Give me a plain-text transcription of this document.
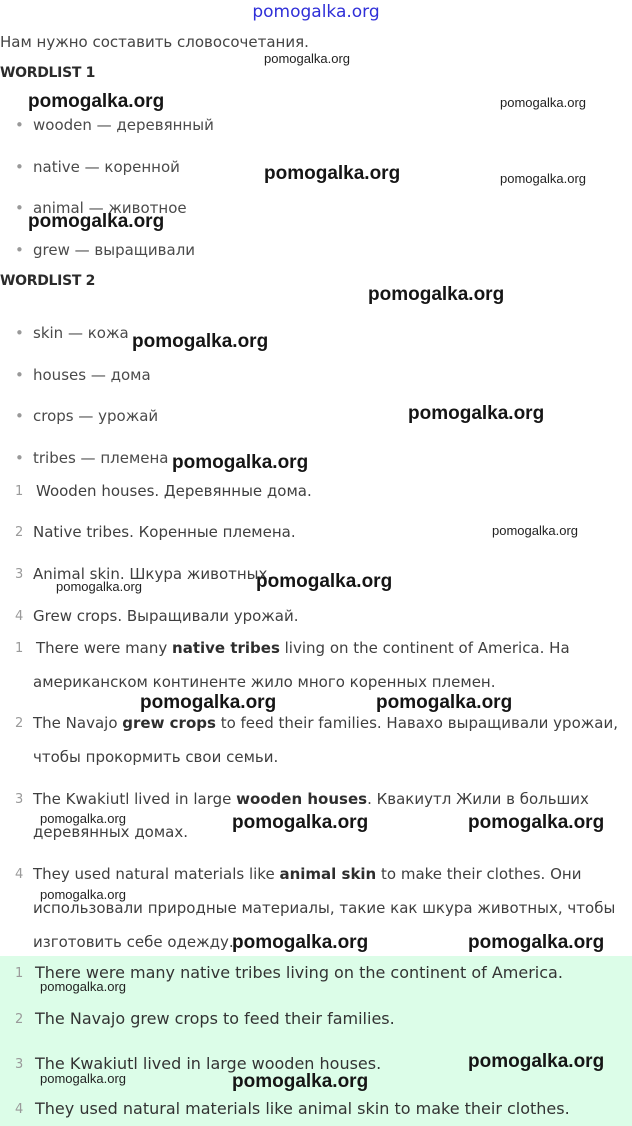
pomogalka.org
Нам нужно составить словосочетания.
WORDLIST 1
• wooden — деревянный
• native — коренной
• animal — животное
• grew — выращивали
WORDLIST 2
• skin — кожа
• houses — дома
• crops — урожай
• tribes — племена
1 Wooden houses. Деревянные дома.
2 Native tribes. Коренные племена.
3 Animal skin. Шкура животных.
4 Grew crops. Выращивали урожай.
1 There were many native tribes living on the continent of America. На
американском континенте жило много коренных племен.
2 The Navajo grew crops to feed their families. Навахо выращивали урожаи,
чтобы прокормить свои семьи.
3 The Kwakiutl lived in large wooden houses. Квакиутл Жили в больших
деревянных домах.
4 They used natural materials like animal skin to make their clothes. Они
использовали природные материалы, такие как шкура животных, чтобы
изготовить себе одежду.
1 There were many native tribes living on the continent of America.
2 The Navajo grew crops to feed their families.
3 The Kwakiutl lived in large wooden houses.
4 They used natural materials like animal skin to make their clothes.
pomogalka.org
pomogalka.org	pomogalka.org
pomogalka.org	pomogalka.org
pomogalka.org
pomogalka.org
pomogalka.org
pomogalka.org
pomogalka.org
pomogalka.org
pomogalka.org
pomogalka.org
pomogalka.org	pomogalka.org
pomogalka.org	pomogalka.org	pomogalka.org
pomogalka.org
pomogalka.org	pomogalka.org
pomogalka.org
pomogalka.org
pomogalka.org	pomogalka.org
